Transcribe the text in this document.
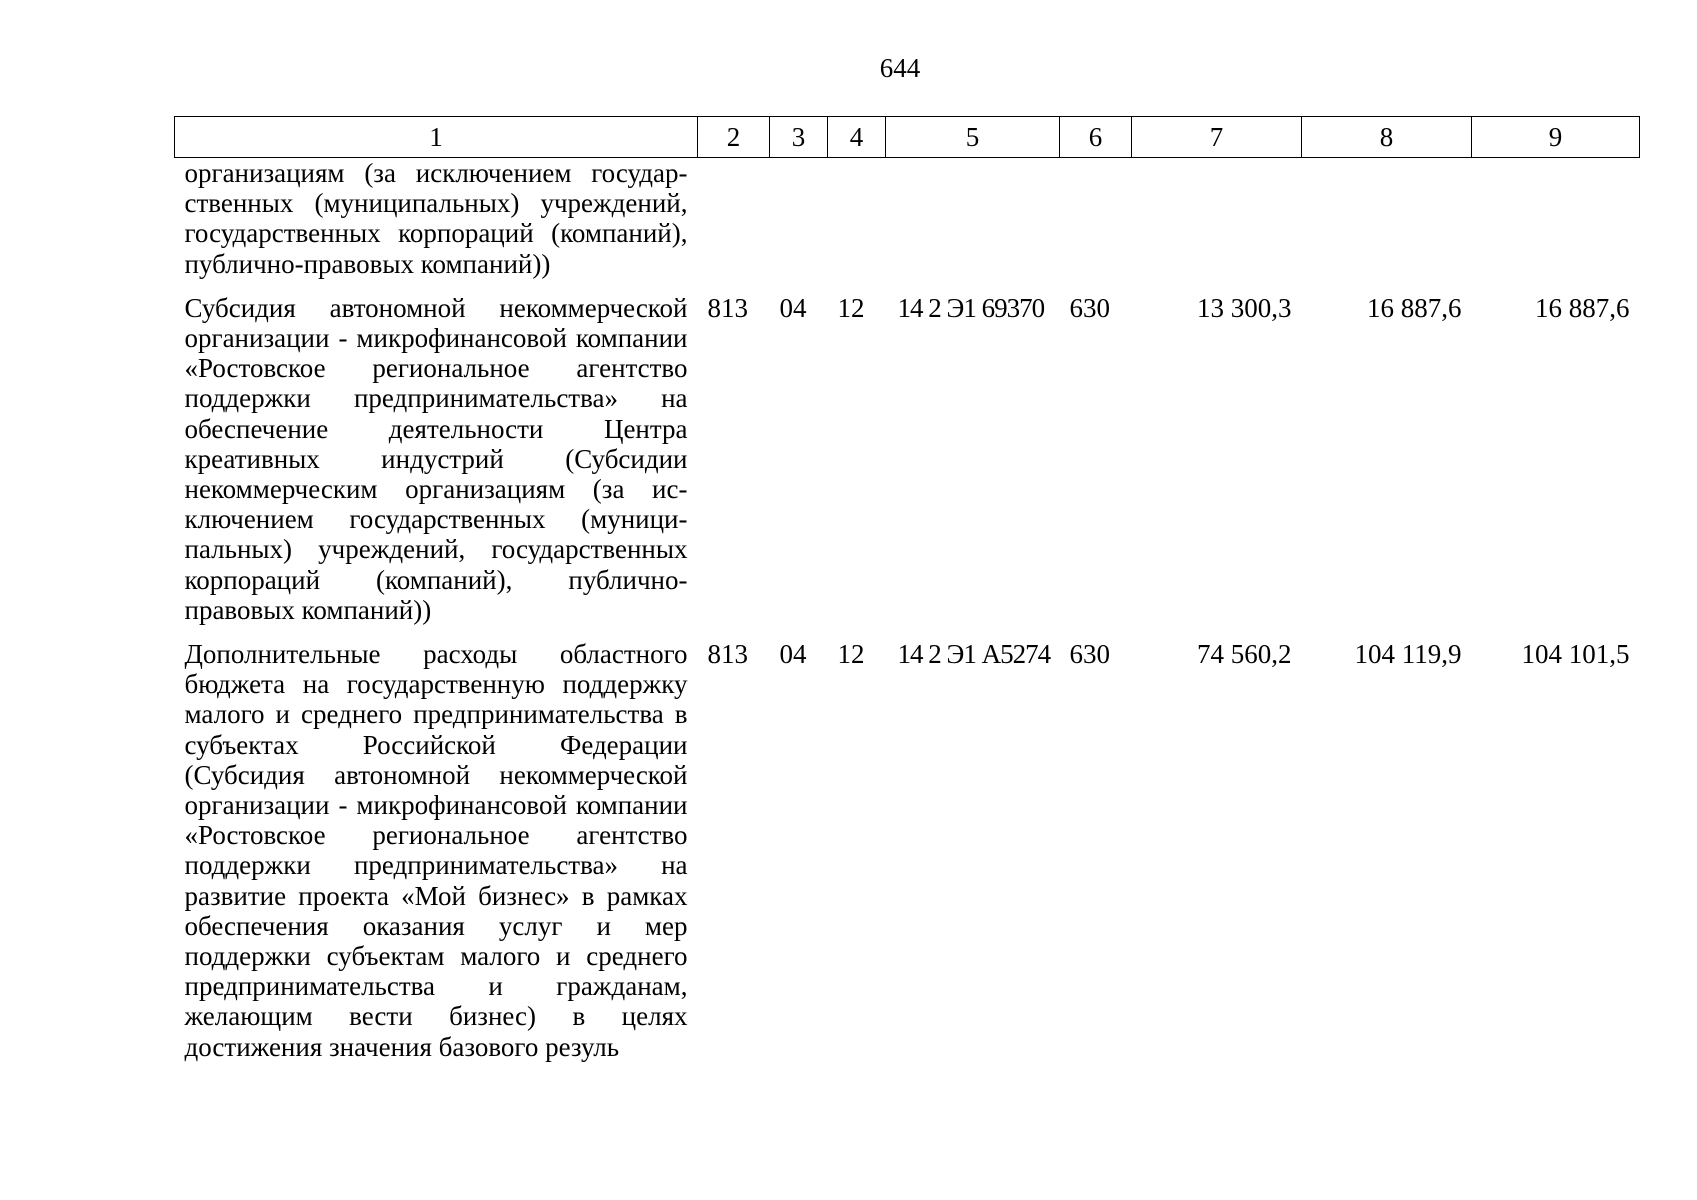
644
1	2	3	4	5	6	7	8	9
организациям (за исключением государственных (муниципальных) учреждений, государственных корпораций (компаний), публично-правовых компаний))								
Субсидия автономной некоммерческой организации - микрофинансовой компании «Ростовское региональное агентство поддержки предпринимательства» на обеспечение деятельности Центра креативных индустрий (Субсидии некоммерческим организациям (за исключением государственных (муниципальных) учреждений, государственных корпораций (компаний), публично-правовых компаний))	813	04	12	14 2 Э1 69370	630	13 300,3	16 887,6	16 887,6
Дополнительные расходы областного бюджета на государственную поддержку малого и среднего предпринимательства в субъектах Российской Федерации (Субсидия автономной некоммерческой организации - микрофинансовой компании «Ростовское региональное агентство поддержки предпринимательства» на развитие проекта «Мой бизнес» в рамках обеспечения оказания услуг и мер поддержки субъектам малого и среднего предпринимательства и гражданам, желающим вести бизнес) в целях достижения значения базового резуль	813	04	12	14 2 Э1 А5274	630	74 560,2	104 119,9	104 101,5
